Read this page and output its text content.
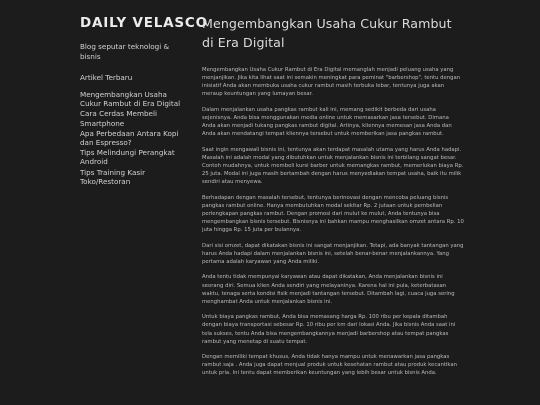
DAILY VELASCO
Blog seputar teknologi & bisnis
Artikel Terbaru
Mengembangkan Usaha Cukur Rambut di Era Digital
Cara Cerdas Membeli Smartphone
Apa Perbedaan Antara Kopi dan Espresso?
Tips Melindungi Perangkat Android
Tips Training Kasir Toko/Restoran
Mengembangkan Usaha Cukur Rambut di Era Digital

Mengembangkan Usaha Cukur Rambut di Era Digital memanglah menjadi peluang usaha yang menjanjikan. Jika kita lihat saat ini semakin meningkat para peminat "barbershop", tentu dengan inisiatif Anda akan membuka usaha cukur rambut masih terbuka lebar, tentunya juga akan meraup keuntungan yang lumayan besar.

Dalam menjalankan usaha pangkas rambut kali ini, memang sedikit berbeda dari usaha sejenisnya. Anda bisa menggunakan media online untuk memasarkan jasa tersebut. Dimana Anda akan menjadi tukang pangkas rambut digital. Artinya, kliennya memesan jasa Anda dan Anda akan mendatangi tempat kliennya tersebut untuk memberikan jasa pangkas rambut.

Saat ingin mengawali bisnis ini, tentunya akan terdapat masalah utama yang harus Anda hadapi. Masalah ini adalah modal yang dibutuhkan untuk menjalankan bisnis ini terbilang sangat besar. Contoh mudahnya, untuk membeli kursi barber untuk memangkas rambut, memerlukan biaya Rp. 25 juta. Modal ini juga masih bertambah dengan harus menyediakan tempat usaha, baik itu milik sendiri atau menyewa.

Berhadapan dengan masalah tersebut, tentunya berinovasi dengan mencoba peluang bisnis pangkas rambut online. Hanya membutuhkan modal sekitar Rp. 2 jutaan untuk pembelian perlengkapan pangkas rambut. Dengan promosi dari mulut ke mulut, Anda tentunya bisa mengembangkan bisnis tersebut. Bisnisnya ini bahkan mampu menghasilkan omzet antara Rp. 10 juta hingga Rp. 15 juta per bulannya.

Dari sisi omzet, dapat dikatakan bisnis ini sangat menjanjikan. Tetapi, ada banyak tantangan yang harus Anda hadapi dalam menjalankan bisnis ini, setelah benar-benar menjalankannya. Yang pertama adalah karyawan yang Anda miliki.

Anda tentu tidak mempunyai karyawan atau dapat dikatakan, Anda menjalankan bisnis ini seorang diri. Semua klien Anda sendiri yang melayaninya. Karena hal ini pula, keterbatasan waktu, tenaga serta kondisi fisik menjadi tantangan tersebut. Ditambah lagi, cuaca juga sering menghambat Anda untuk menjalankan bisnis ini.

Untuk biaya pangkas rambut, Anda bisa memasang harga Rp. 100 ribu per kepala ditambah dengan biaya transportasi sebesar Rp. 10 ribu per km dari lokasi Anda. Jika bisnis Anda saat ini tela sukses, tentu Anda bisa mengembangkannya menjadi barbershop atau tempat pangkas rambut yang menetap di suatu tempat.

Dengan memiliki tempat khusus, Anda tidak hanya mampu untuk menawarkan jasa pangkas rambut saja . Anda juga dapat menjual produk untuk kesehatan rambut atau produk kecantikan untuk pria. Ini tentu dapat memberikan keuntungan yang lebih besar untuk bisnis Anda.
